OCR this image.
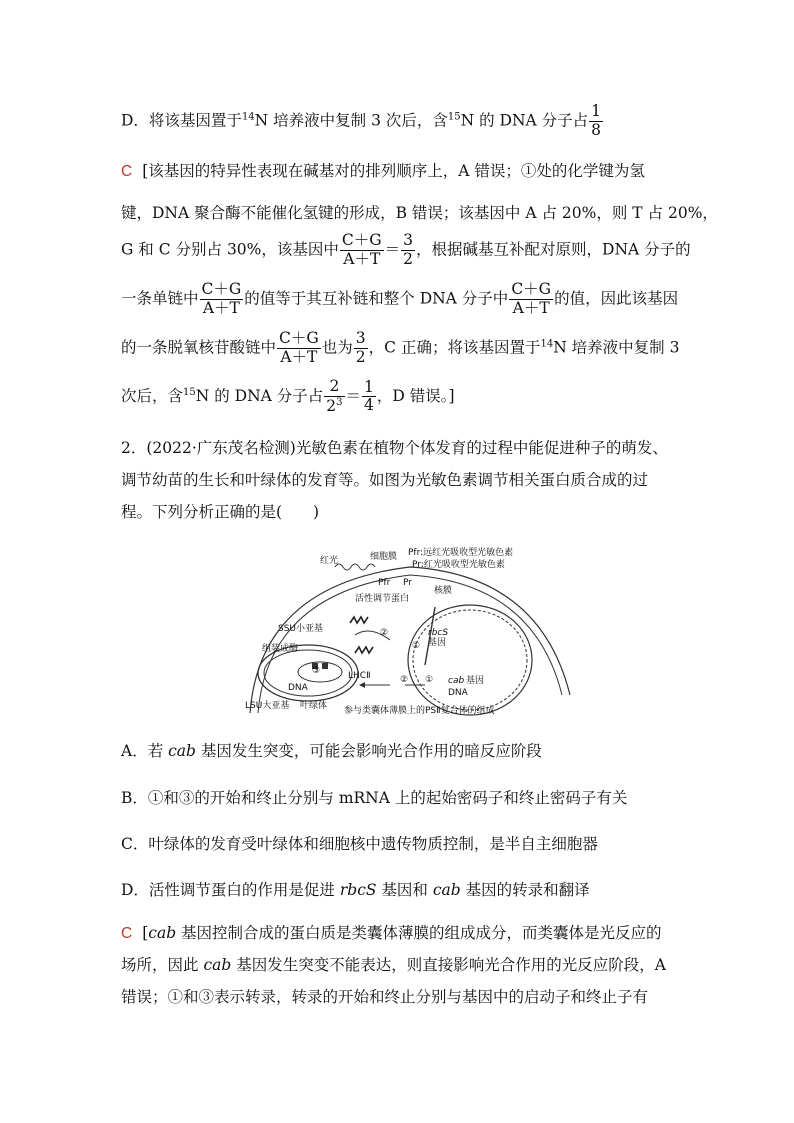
D．将该基因置于$^{14}$N 培养液中复制 3 次后，含$^{15}$N 的 DNA 分子占 $\frac{1}{8}$
C [该基因的特异性表现在碱基对的排列顺序上，A 错误；①处的化学键为氢
键，DNA 聚合酶不能催化氢键的形成，B 错误；该基因中 A 占 20%，则 T 占 20%，
G 和 C 分别占 30%，该基因中 $\frac{C+G}{A+T} = \frac{3}{2}$ ，根据碱基互补配对原则，DNA 分子的
一条单链中 $\frac{C+G}{A+T}$ 的值等于其互补链和整个 DNA 分子中 $\frac{C+G}{A+T}$ 的值，因此该基因
的一条脱氧核苷酸链中 $\frac{C+G}{A+T}$ 也为 $\frac{3}{2}$ ，C 正确；将该基因置于$^{14}$N 培养液中复制 3
次后，含$^{15}$N 的 DNA 分子占 $\frac{2}{2^3} = \frac{1}{4}$ ，D 错误。]
2．(2022·广东茂名检测)光敏色素在植物个体发育的过程中能促进种子的萌发、
调节幼苗的生长和叶绿体的发育等。如图为光敏色素调节相关蛋白质合成的过
程。下列分析正确的是(　　)
红光	细胞膜 Pfr:远红光吸收型光敏色素
Pr:红光吸收型光敏色素
Pfr Pr
核膜
活性调节蛋白
SSU小亚基
组装成酶
rbcS
基因
cab 基因
DNA
DNA
LHCⅡ
LSU大亚基 叶绿体 参与类囊体薄膜上的PSⅡ复合体的组成
①
②
② ①
③
A．若 cab 基因发生突变，可能会影响光合作用的暗反应阶段
B．①和③的开始和终止分别与 mRNA 上的起始密码子和终止密码子有关
C．叶绿体的发育受叶绿体和细胞核中遗传物质控制，是半自主细胞器
D．活性调节蛋白的作用是促进 rbcS 基因和 cab 基因的转录和翻译
C [cab 基因控制合成的蛋白质是类囊体薄膜的组成成分，而类囊体是光反应的
场所，因此 cab 基因发生突变不能表达，则直接影响光合作用的光反应阶段，A
错误；①和③表示转录，转录的开始和终止分别与基因中的启动子和终止子有
